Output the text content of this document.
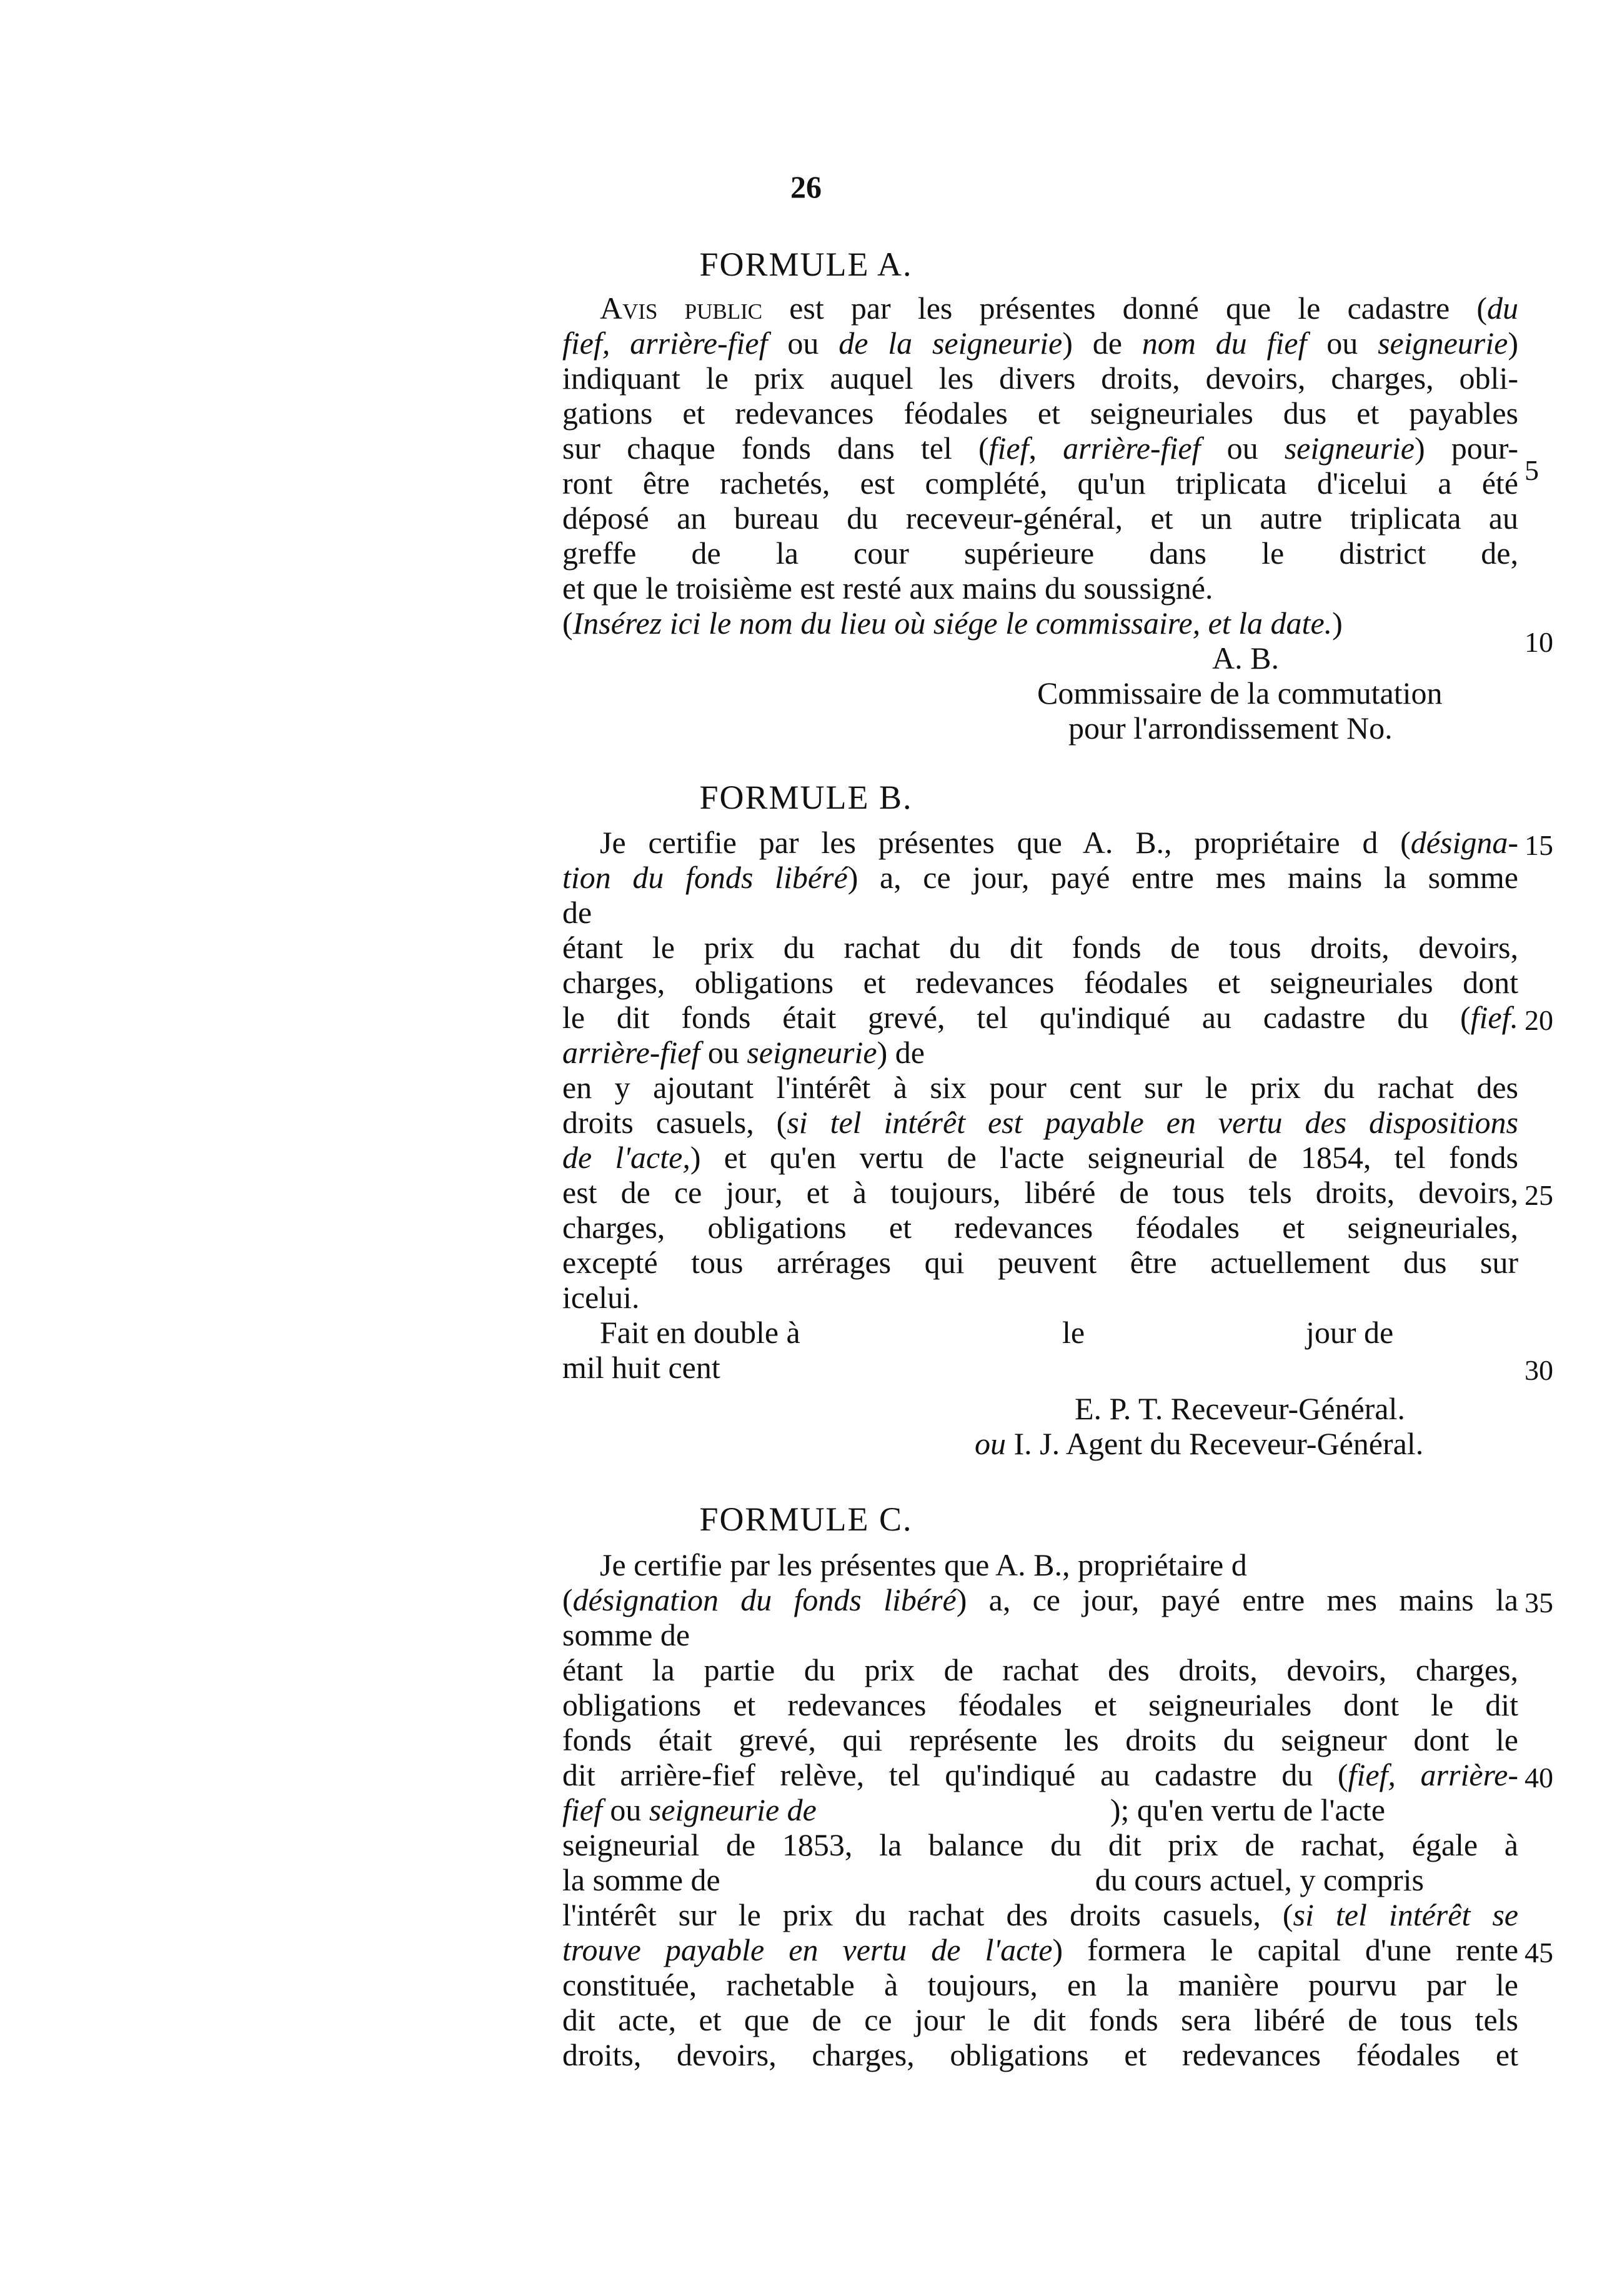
26
FORMULE A.
Avis public est par les présentes donné que le cadastre (du
fief, arrière-fief ou de la seigneurie) de nom du fief ou seigneurie)
indiquant le prix auquel les divers droits, devoirs, charges, obli-
gations et redevances féodales et seigneuriales dus et payables
sur chaque fonds dans tel (fief, arrière-fief ou seigneurie) pour-
ront être rachetés, est complété, qu'un triplicata d'icelui a été
déposé an bureau du receveur-général, et un autre triplicata au
greffe de la cour supérieure dans le district de,
et que le troisième est resté aux mains du soussigné.
(Insérez ici le nom du lieu où siége le commissaire, et la date.)
A. B.
Commissaire de la commutation
pour l'arrondissement No.
FORMULE B.
Je certifie par les présentes que A. B., propriétaire d (désigna-
tion du fonds libéré) a, ce jour, payé entre mes mains la somme
de
étant le prix du rachat du dit fonds de tous droits, devoirs,
charges, obligations et redevances féodales et seigneuriales dont
le dit fonds était grevé, tel qu'indiqué au cadastre du (fief.
arrière-fief ou seigneurie) de
en y ajoutant l'intérêt à six pour cent sur le prix du rachat des
droits casuels, (si tel intérêt est payable en vertu des dispositions
de l'acte,) et qu'en vertu de l'acte seigneurial de 1854, tel fonds
est de ce jour, et à toujours, libéré de tous tels droits, devoirs,
charges, obligations et redevances féodales et seigneuriales,
excepté tous arrérages qui peuvent être actuellement dus sur
icelui.
Fait en double à	le	jour de
mil huit cent
E. P. T. Receveur-Général.
ou I. J. Agent du Receveur-Général.
FORMULE C.
Je certifie par les présentes que A. B., propriétaire d
(désignation du fonds libéré) a, ce jour, payé entre mes mains la
somme de
étant la partie du prix de rachat des droits, devoirs, charges,
obligations et redevances féodales et seigneuriales dont le dit
fonds était grevé, qui représente les droits du seigneur dont le
dit arrière-fief relève, tel qu'indiqué au cadastre du (fief, arrière-
fief ou seigneurie de	); qu'en vertu de l'acte
seigneurial de 1853, la balance du dit prix de rachat, égale à
la somme de	du cours actuel, y compris
l'intérêt sur le prix du rachat des droits casuels, (si tel intérêt se
trouve payable en vertu de l'acte) formera le capital d'une rente
constituée, rachetable à toujours, en la manière pourvu par le
dit acte, et que de ce jour le dit fonds sera libéré de tous tels
droits, devoirs, charges, obligations et redevances féodales et
5
10
15
20
25
30
35
40
45
